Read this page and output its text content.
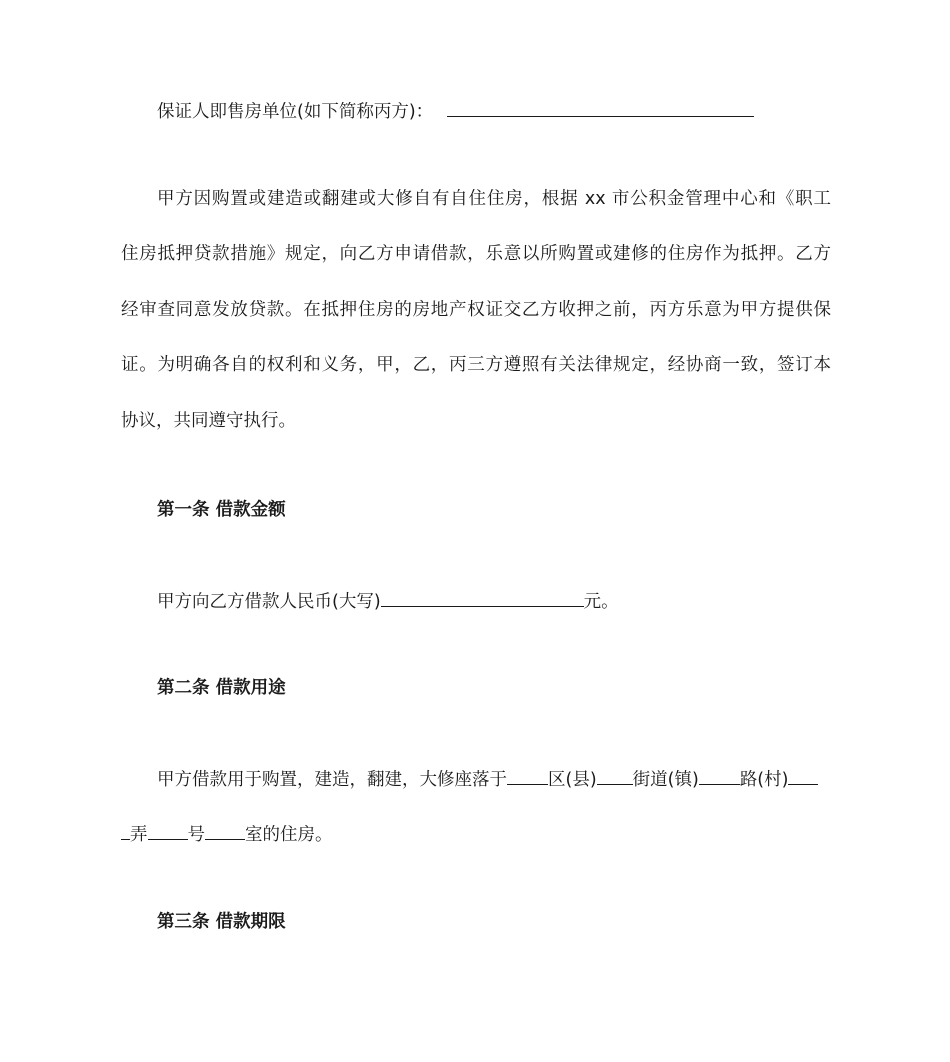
保证人即售房单位(如下简称丙方)：
甲方因购置或建造或翻建或大修自有自住住房，根据 xx 市公积金管理中心和《职工
住房抵押贷款措施》规定，向乙方申请借款，乐意以所购置或建修的住房作为抵押。乙方
经审查同意发放贷款。在抵押住房的房地产权证交乙方收押之前，丙方乐意为甲方提供保
证。为明确各自的权利和义务，甲，乙，丙三方遵照有关法律规定，经协商一致，签订本
协议，共同遵守执行。
第一条 借款金额
甲方向乙方借款人民币(大写)	元。
第二条 借款用途
甲方借款用于购置，建造，翻建，大修座落于 区(县) 街道(镇) 路(村)
弄 号 室的住房。
第三条 借款期限
